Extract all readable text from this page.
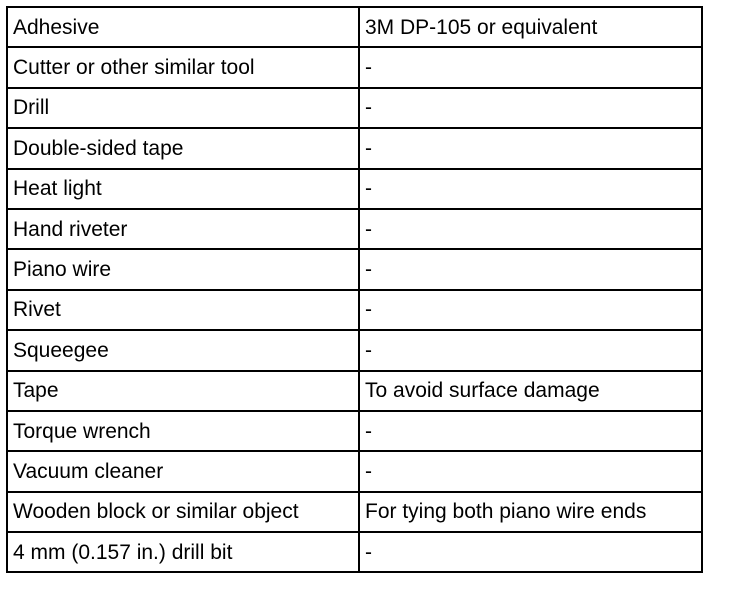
Adhesive	3M DP-105 or equivalent
Cutter or other similar tool	-
Drill	-
Double-sided tape	-
Heat light	-
Hand riveter	-
Piano wire	-
Rivet	-
Squeegee	-
Tape	To avoid surface damage
Torque wrench	-
Vacuum cleaner	-
Wooden block or similar object	For tying both piano wire ends
4 mm (0.157 in.) drill bit	-
